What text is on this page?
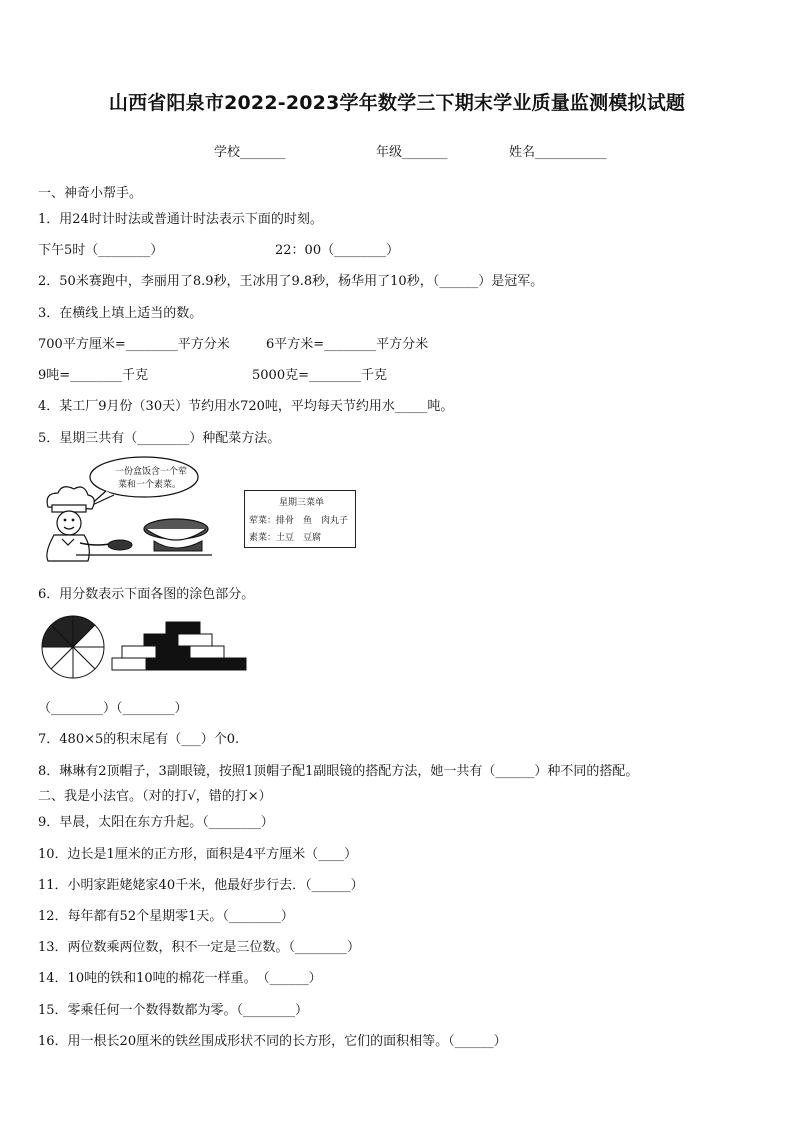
山西省阳泉市2022-2023学年数学三下期末学业质量监测模拟试题
学校_______	年级_______	姓名___________
一、神奇小帮手。
1．用24时计时法或普通计时法表示下面的时刻。
下午5时（________）	22：00（________）
2．50米赛跑中，李丽用了8.9秒，王冰用了9.8秒，杨华用了10秒，（______）是冠军。
3．在横线上填上适当的数。
700平方厘米=________平方分米	6平方米=________平方分米
9吨=________千克	5000克=________千克
4．某工厂9月份（30天）节约用水720吨，平均每天节约用水_____吨。
5．星期三共有（________）种配菜方法。
一份盒饭含一个荤
菜和一个素菜。
星期三菜单
荤菜：排骨　鱼　肉丸子
素菜：土豆　豆腐
6．用分数表示下面各图的涂色部分。
（________）（________）
7．480×5的积末尾有（___）个0.
8．琳琳有2顶帽子，3副眼镜，按照1顶帽子配1副眼镜的搭配方法，她一共有（______）种不同的搭配。
二、我是小法官。（对的打√，错的打×）
9．早晨，太阳在东方升起。（________）
10．边长是1厘米的正方形，面积是4平方厘米（____）
11．小明家距姥姥家40千米，他最好步行去．（______）
12．每年都有52个星期零1天。（________）
13．两位数乘两位数，积不一定是三位数。（________）
14．10吨的铁和10吨的棉花一样重。　（______）
15．零乘任何一个数得数都为零。（________）
16．用一根长20厘米的铁丝围成形状不同的长方形，它们的面积相等。（______）
